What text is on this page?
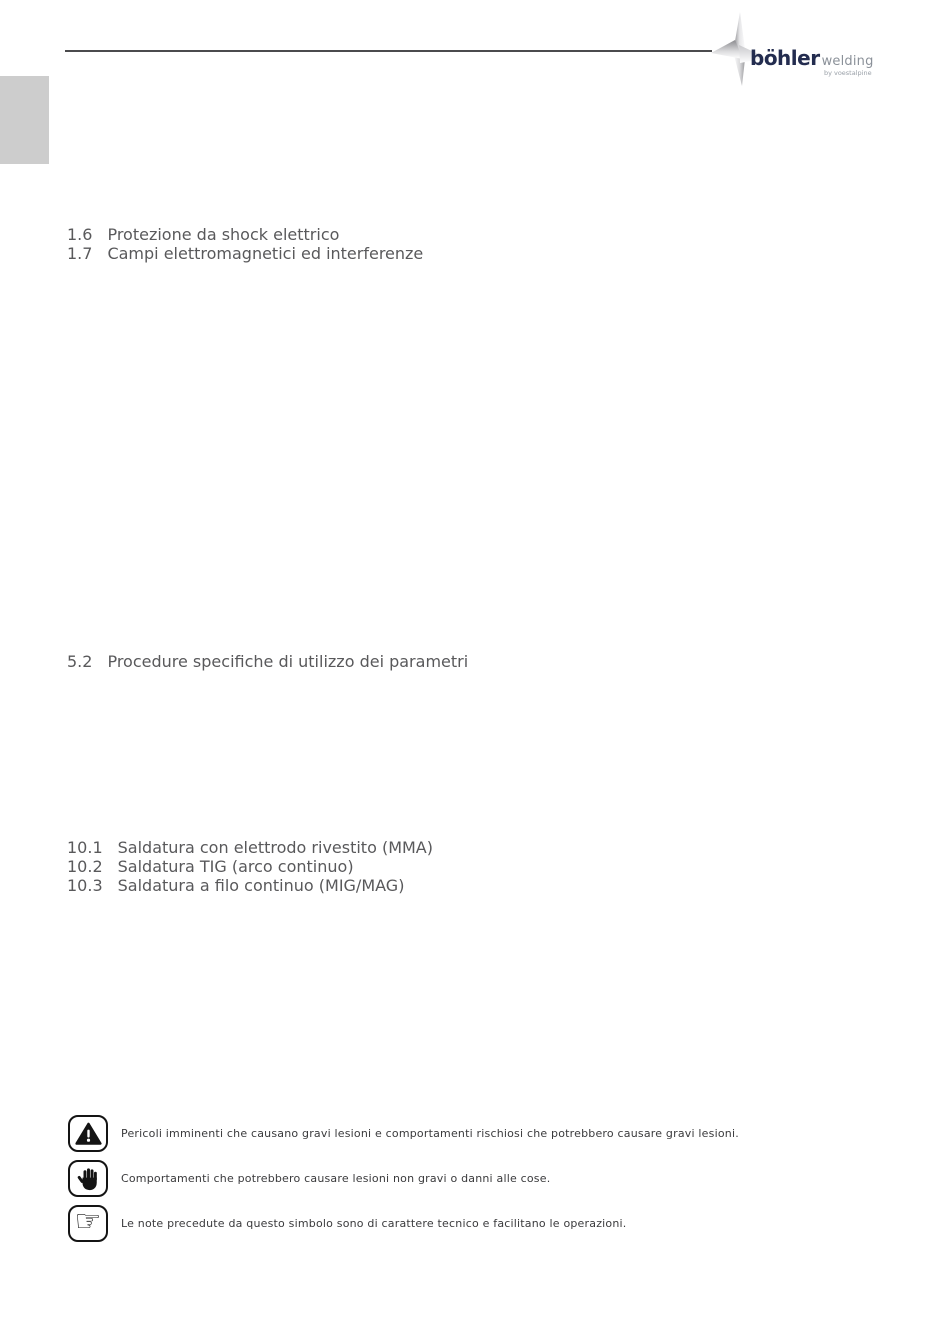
böhler welding
by voestalpine
1.6 Protezione da shock elettrico
1.7 Campi elettromagnetici ed interferenze
5.2 Procedure specifiche di utilizzo dei parametri
10.1 Saldatura con elettrodo rivestito (MMA)
10.2 Saldatura TIG (arco continuo)
10.3 Saldatura a filo continuo (MIG/MAG)
Pericoli imminenti che causano gravi lesioni e comportamenti rischiosi che potrebbero causare gravi lesioni.
Comportamenti che potrebbero causare lesioni non gravi o danni alle cose.
☞ Le note precedute da questo simbolo sono di carattere tecnico e facilitano le operazioni.
